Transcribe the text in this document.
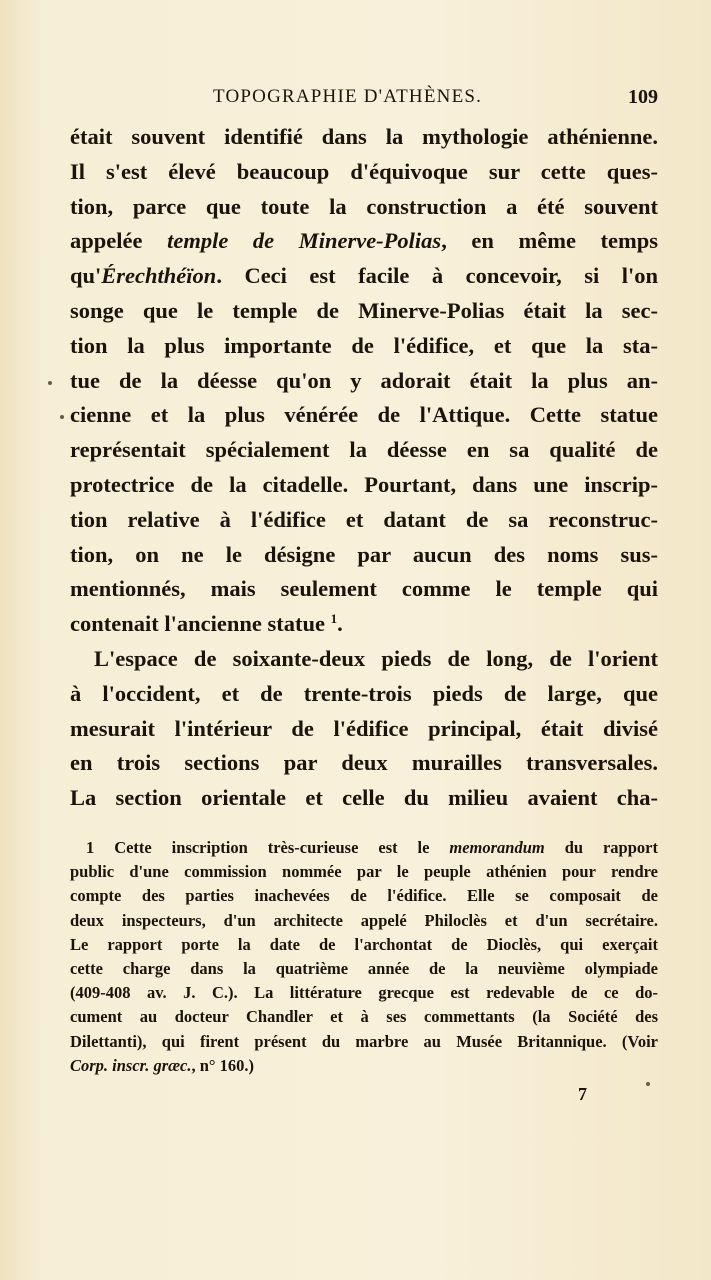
TOPOGRAPHIE D'ATHÈNES.	109
était souvent identifié dans la mythologie athénienne.
Il s'est élevé beaucoup d'équivoque sur cette ques-
tion, parce que toute la construction a été souvent
appelée temple de Minerve-Polias, en même temps
qu'Érechthéïon. Ceci est facile à concevoir, si l'on
songe que le temple de Minerve-Polias était la sec-
tion la plus importante de l'édifice, et que la sta-
tue de la déesse qu'on y adorait était la plus an-
cienne et la plus vénérée de l'Attique. Cette statue
représentait spécialement la déesse en sa qualité de
protectrice de la citadelle. Pourtant, dans une inscrip-
tion relative à l'édifice et datant de sa reconstruc-
tion, on ne le désigne par aucun des noms sus-
mentionnés, mais seulement comme le temple qui
contenait l'ancienne statue $^1$.
L'espace de soixante-deux pieds de long, de l'orient
à l'occident, et de trente-trois pieds de large, que
mesurait l'intérieur de l'édifice principal, était divisé
en trois sections par deux murailles transversales.
La section orientale et celle du milieu avaient cha-
1 Cette inscription très-curieuse est le memorandum du rapport
public d'une commission nommée par le peuple athénien pour rendre
compte des parties inachevées de l'édifice. Elle se composait de
deux inspecteurs, d'un architecte appelé Philoclès et d'un secrétaire.
Le rapport porte la date de l'archontat de Dioclès, qui exerçait
cette charge dans la quatrième année de la neuvième olympiade
(409-408 av. J. C.). La littérature grecque est redevable de ce do-
cument au docteur Chandler et à ses commettants (la Société des
Dilettanti), qui firent présent du marbre au Musée Britannique. (Voir
Corp. inscr. græc., n° 160.)
7
